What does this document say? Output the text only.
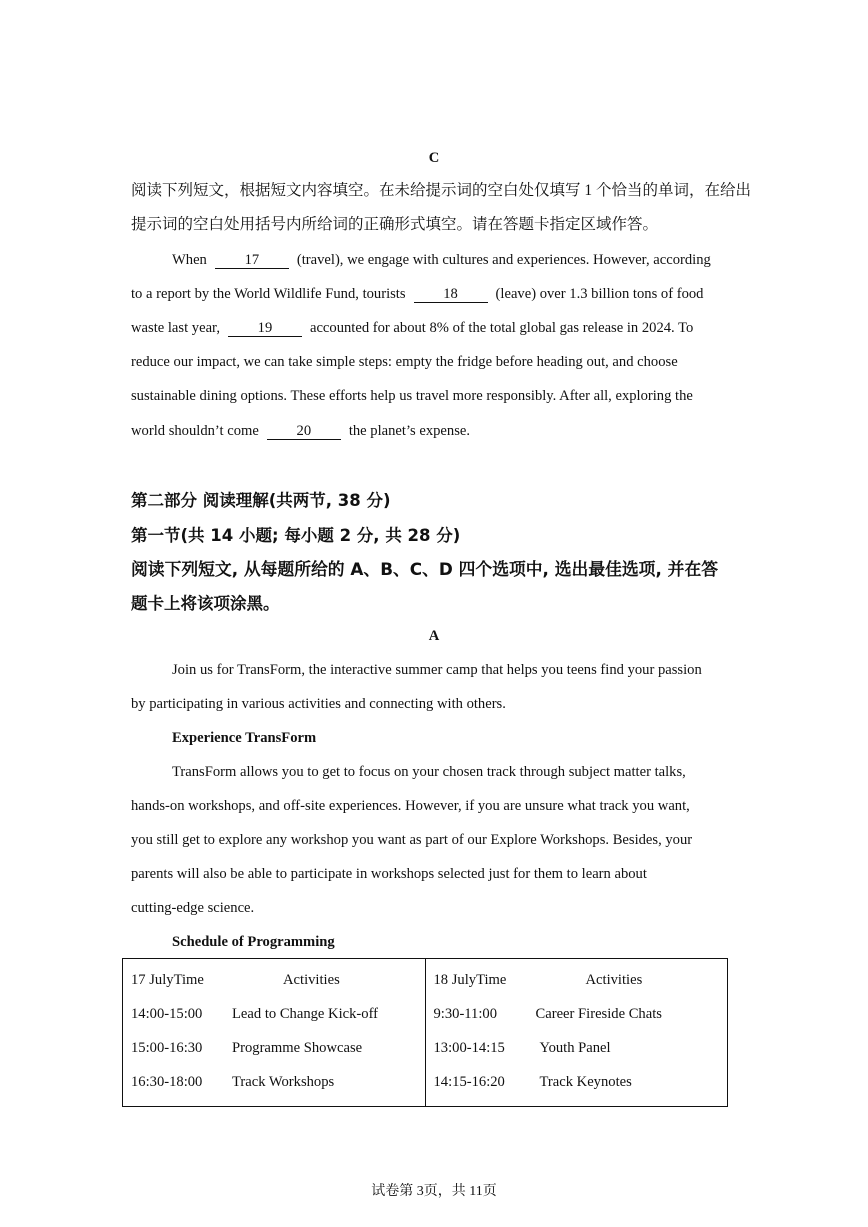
C
阅读下列短文，根据短文内容填空。在未给提示词的空白处仅填写 1 个恰当的单词，在给出
提示词的空白处用括号内所给词的正确形式填空。请在答题卡指定区域作答。
When	17	(travel), we engage with cultures and experiences. However, according
to a report by the World Wildlife Fund, tourists	18	(leave) over 1.3 billion tons of food
waste last year,	19	accounted for about 8% of the total global gas release in 2024. To
reduce our impact, we can take simple steps: empty the fridge before heading out, and choose
sustainable dining options. These efforts help us travel more responsibly. After all, exploring the
world shouldn’t come	20	the planet’s expense.
第二部分 阅读理解(共两节, 38 分)
第一节(共 14 小题; 每小题 2 分, 共 28 分)
阅读下列短文, 从每题所给的 A、B、C、D 四个选项中, 选出最佳选项, 并在答
题卡上将该项涂黑。
A
Join us for TransForm, the interactive summer camp that helps you teens find your passion
by participating in various activities and connecting with others.
Experience TransForm
TransForm allows you to get to focus on your chosen track through subject matter talks,
hands-on workshops, and off-site experiences. However, if you are unsure what track you want,
you still get to explore any workshop you want as part of our Explore Workshops. Besides, your
parents will also be able to participate in workshops selected just for them to learn about
cutting-edge science.
Schedule of Programming
17 JulyTime	Activities
14:00-15:00 Lead to Change Kick-off
15:00-16:30 Programme Showcase
16:30-18:00 Track Workshops

18 JulyTime	Activities
9:30-11:00	Career Fireside Chats
13:00-14:15 Youth Panel
14:15-16:20 Track Keynotes
试卷第 3页，共 11页
